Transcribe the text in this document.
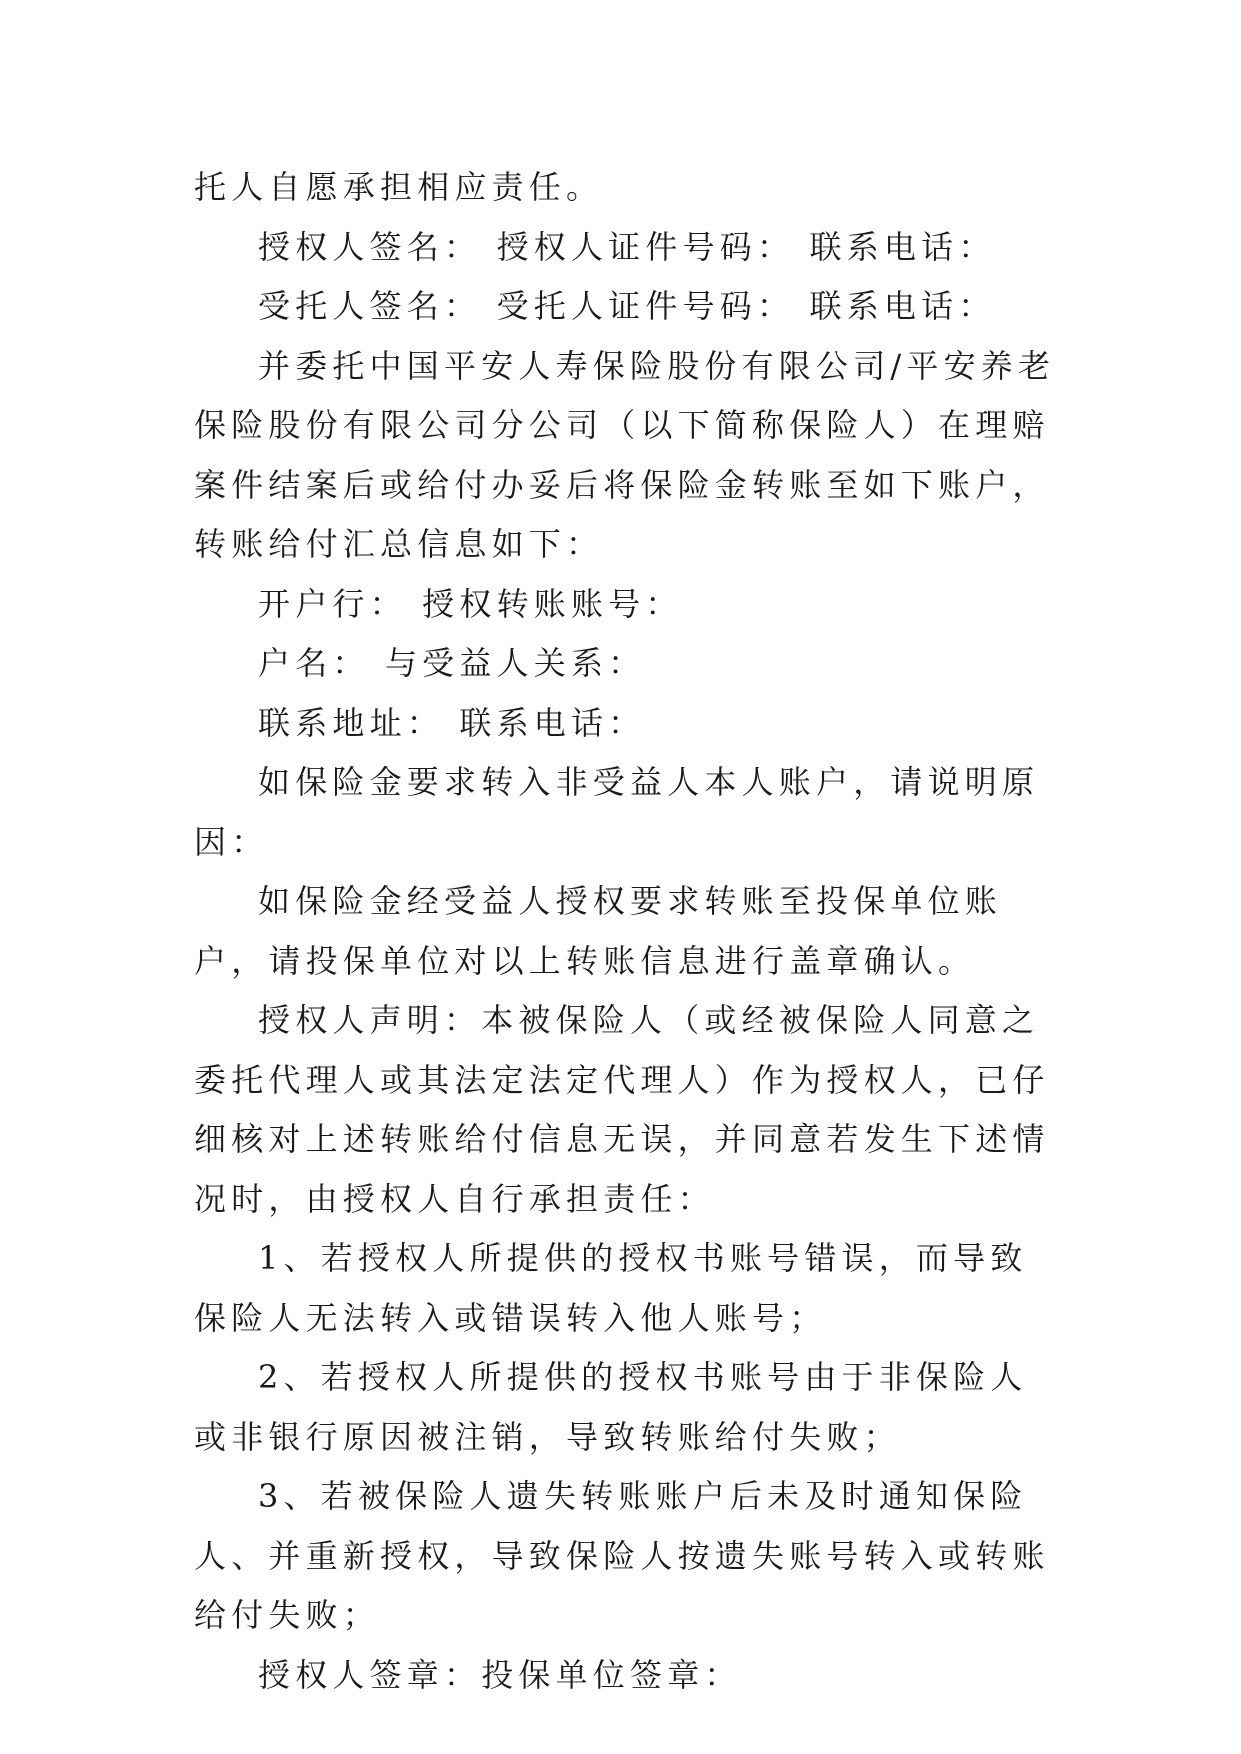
托人自愿承担相应责任。

授权人签名： 授权人证件号码： 联系电话：

受托人签名： 受托人证件号码： 联系电话：

并委托中国平安人寿保险股份有限公司/平安养老保险股份有限公司分公司（以下简称保险人）在理赔案件结案后或给付办妥后将保险金转账至如下账户，转账给付汇总信息如下：

开户行： 授权转账账号：

户名： 与受益人关系：

联系地址： 联系电话：

如保险金要求转入非受益人本人账户，请说明原因：

如保险金经受益人授权要求转账至投保单位账户，请投保单位对以上转账信息进行盖章确认。

授权人声明：本被保险人（或经被保险人同意之委托代理人或其法定法定代理人）作为授权人，已仔细核对上述转账给付信息无误，并同意若发生下述情况时，由授权人自行承担责任：

1、若授权人所提供的授权书账号错误，而导致保险人无法转入或错误转入他人账号；

2、若授权人所提供的授权书账号由于非保险人或非银行原因被注销，导致转账给付失败；

3、若被保险人遗失转账账户后未及时通知保险人、并重新授权，导致保险人按遗失账号转入或转账给付失败；

授权人签章：投保单位签章：
